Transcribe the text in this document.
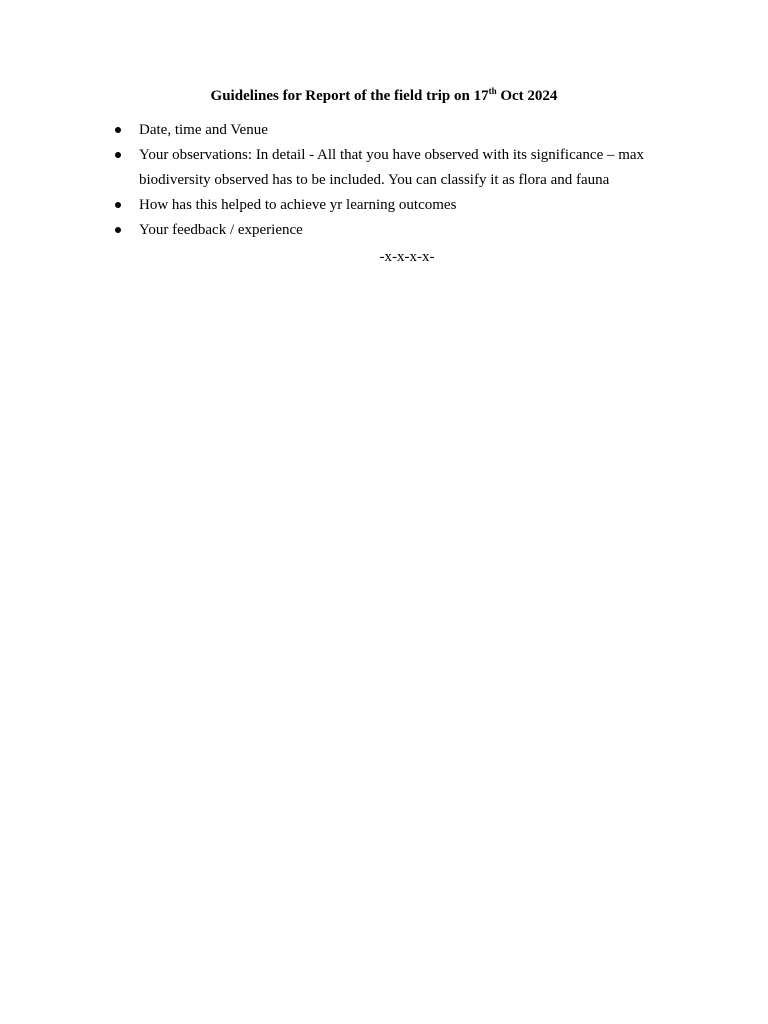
Guidelines for Report of the field trip on 17th Oct 2024
Date, time and Venue
Your observations: In detail - All that you have observed with its significance – max biodiversity observed has to be included. You can classify it as flora and fauna
How has this helped to achieve yr learning outcomes
Your feedback / experience
-x-x-x-x-
